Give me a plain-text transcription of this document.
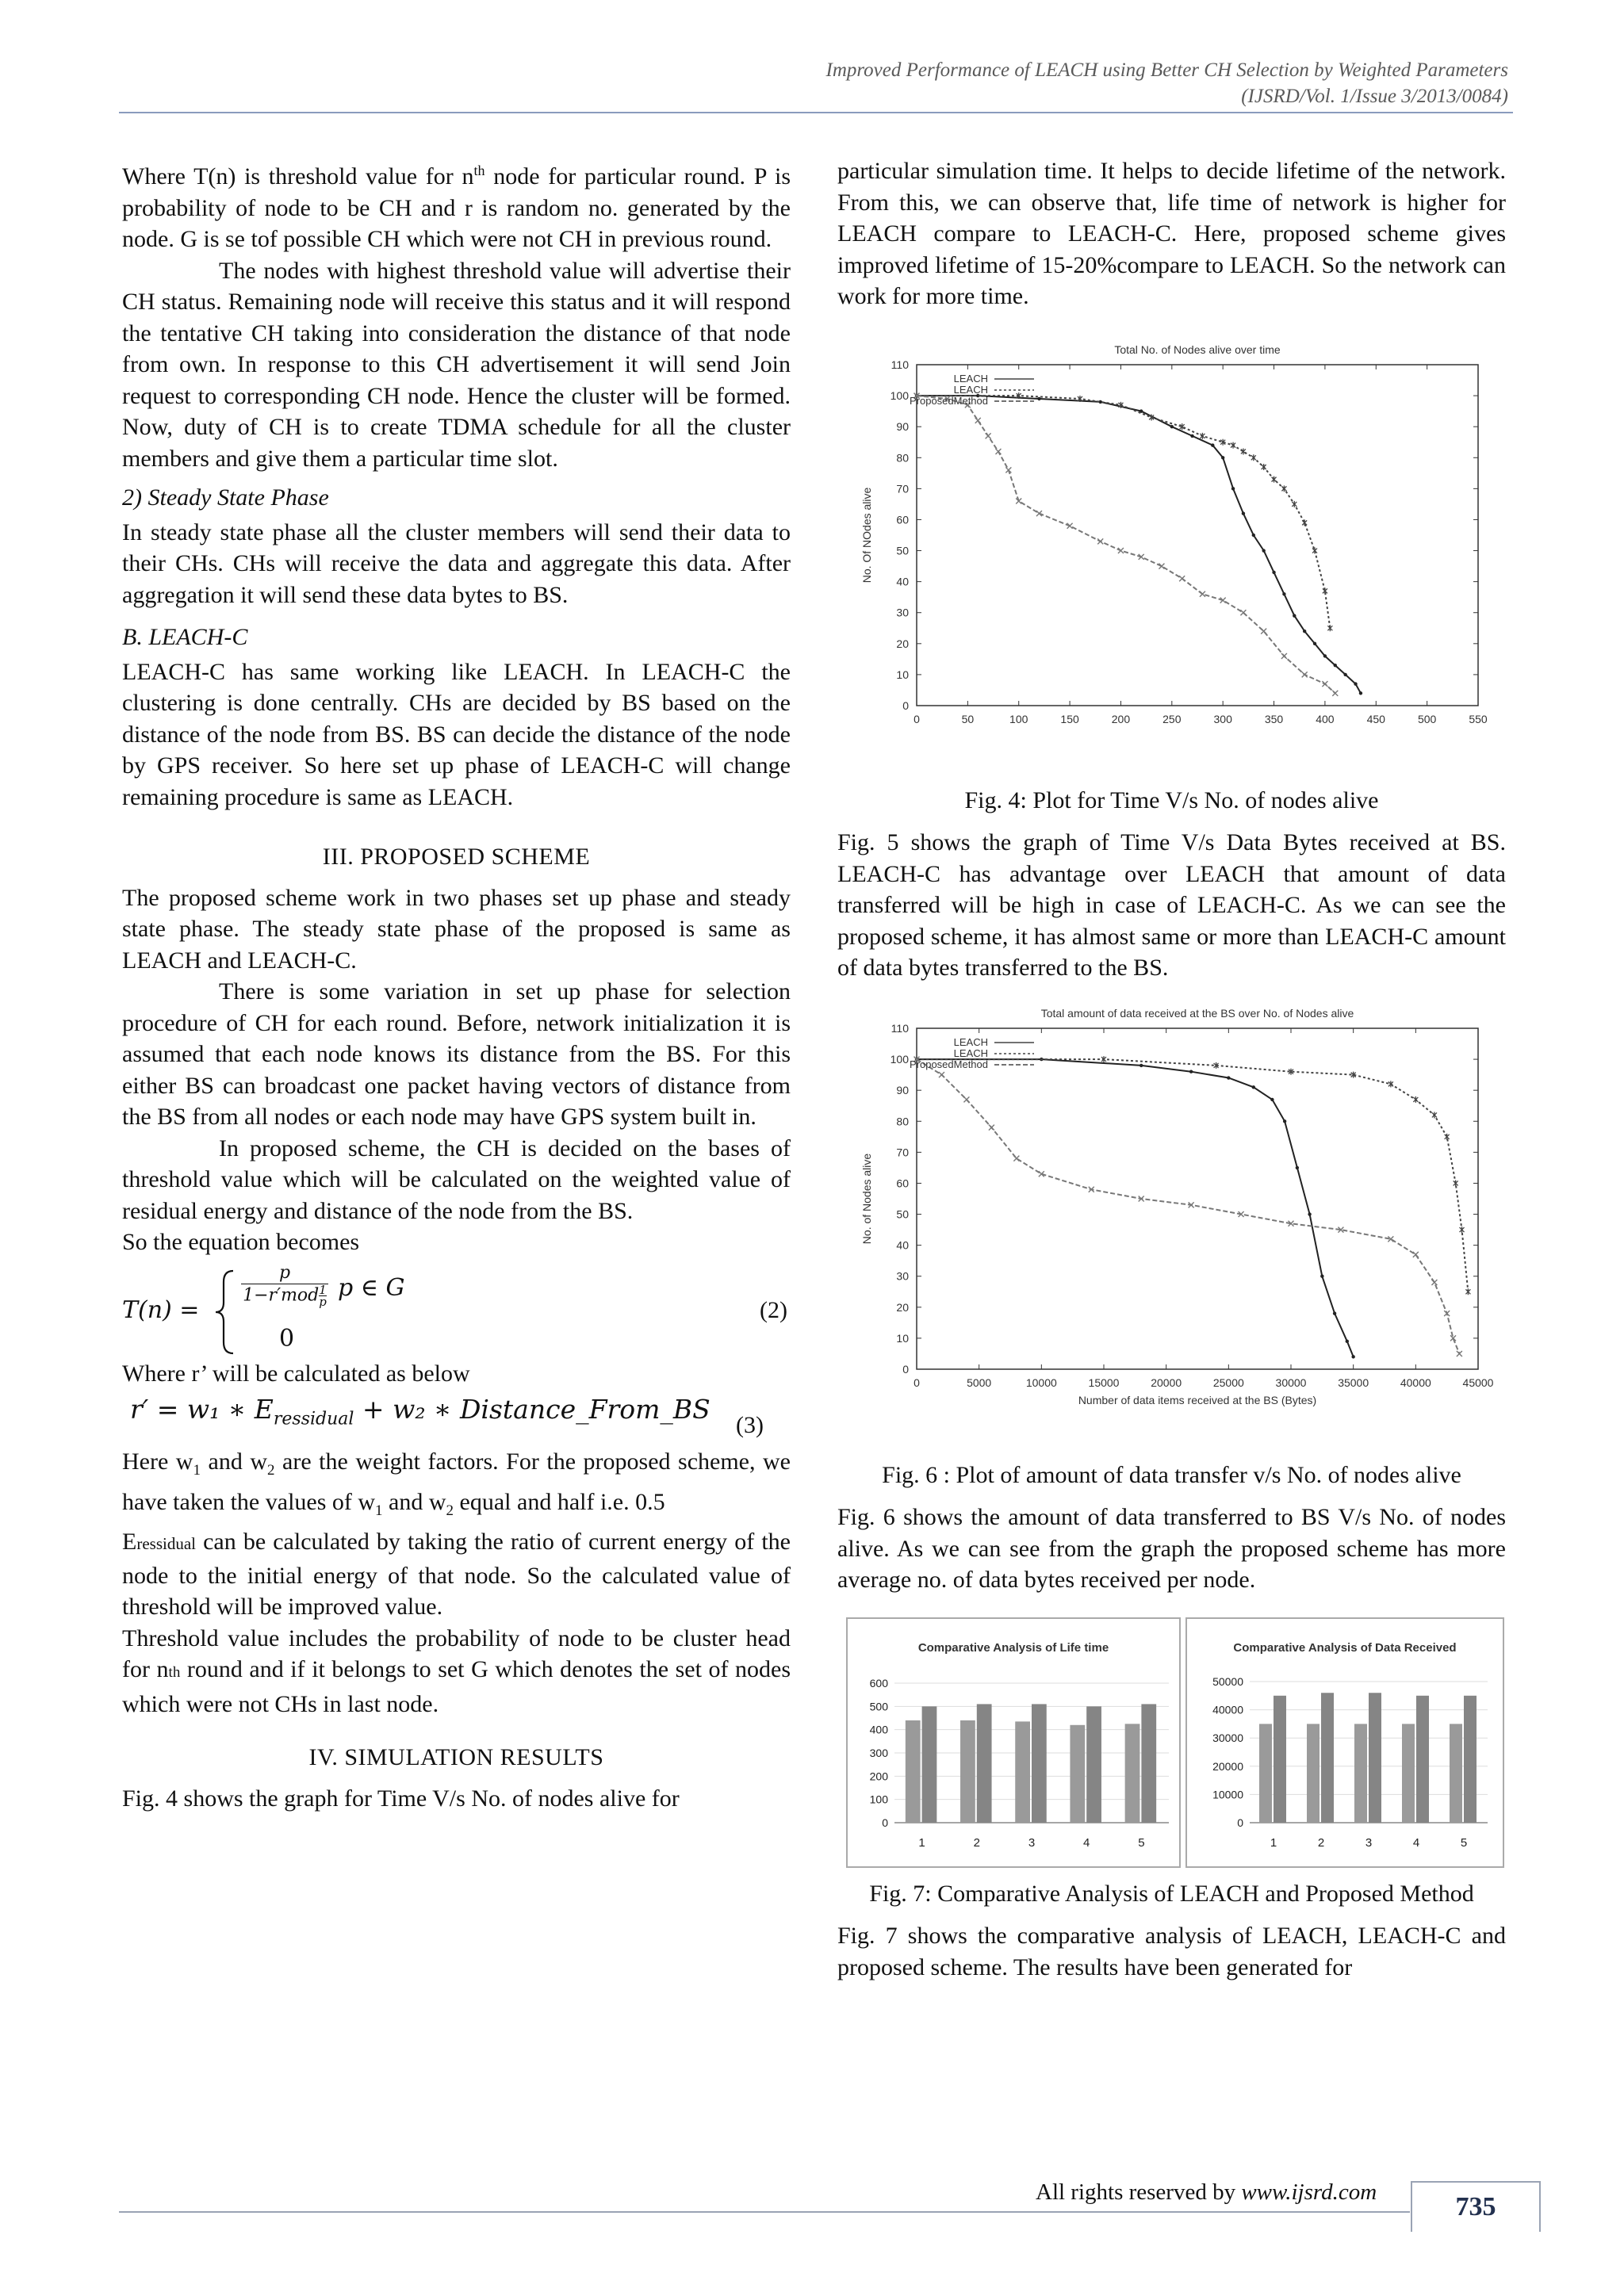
Improved Performance of LEACH using Better CH Selection by Weighted Parameters
(IJSRD/Vol. 1/Issue 3/2013/0084)

Where T(n) is threshold value for $n^{th}$ node for particular round. P is probability of node to be CH and r is random no. generated by the node. G is se tof possible CH which were not CH in previous round.

The nodes with highest threshold value will advertise their CH status. Remaining node will receive this status and it will respond the tentative CH taking into consideration the distance of that node from own. In response to this CH advertisement it will send Join request to corresponding CH node. Hence the cluster will be formed. Now, duty of CH is to create TDMA schedule for all the cluster members and give them a particular time slot.

2) Steady State Phase

In steady state phase all the cluster members will send their data to their CHs. CHs will receive the data and aggregate this data. After aggregation it will send these data bytes to BS.

B. LEACH-C

LEACH-C has same working like LEACH. In LEACH-C the clustering is done centrally. CHs are decided by BS based on the distance of the node from BS. BS can decide the distance of the node by GPS receiver. So here set up phase of LEACH-C will change remaining procedure is same as LEACH.

III. PROPOSED SCHEME

The proposed scheme work in two phases set up phase and steady state phase. The steady state phase of the proposed is same as LEACH and LEACH-C.

There is some variation in set up phase for selection procedure of CH for each round. Before, network initialization it is assumed that each node knows its distance from the BS. For this either BS can broadcast one packet having vectors of distance from the BS from all nodes or each node may have GPS system built in.

In proposed scheme, the CH is decided on the bases of threshold value which will be calculated on the weighted value of residual energy and distance of the node from the BS.

So the equation becomes

T(n) =
p
$1-r'mod \frac{1}{p}$ p ∈ G
0
(2)

Where r’ will be calculated as below

r′ = w₁ ∗ $E_{ressidual} + w_2$ ∗ Distance_From_BS
(3)

Here $w_1$ and $w_2$ are the weight factors. For the proposed scheme, we have taken the values of $w_1$ and $w_2$ equal and half i.e. 0.5

Eressidual can be calculated by taking the ratio of current energy of the node to the initial energy of that node. So the calculated value of threshold will be improved value.

Threshold value includes the probability of node to be cluster head for nth round and if it belongs to set G which denotes the set of nodes which were not CHs in last node.

IV. SIMULATION RESULTS

Fig. 4 shows the graph for Time V/s No. of nodes alive for

particular simulation time. It helps to decide lifetime of the network. From this, we can observe that, life time of network is higher for LEACH compare to LEACH-C. Here, proposed scheme gives improved lifetime of 15-20%compare to LEACH. So the network can work for more time.

Total No. of Nodes alive over time
0
10
20
30
40
50
60
70
80
90
100
110
0	50	100	150	200	250	300	350	400	450	500	550
No. Of NOdes alive
LEACH
LEACH
ProposedMethod
Fig. 4: Plot for Time V/s No. of nodes alive

Fig. 5 shows the graph of Time V/s Data Bytes received at BS. LEACH-C has advantage over LEACH that amount of data transferred will be high in case of LEACH-C. As we can see the proposed scheme, it has almost same or more than LEACH-C amount of data bytes transferred to the BS.

Total amount of data received at the BS over No. of Nodes alive
0
10
20
30
40
50
60
70
80
90
100
110
0	5000	10000	15000	20000	25000	30000	35000	40000	45000
No. of Nodes alive
Number of data items received at the BS (Bytes)
LEACH
LEACH
ProposedMethod
Fig. 6 : Plot of amount of data transfer v/s No. of nodes alive

Fig. 6 shows the amount of data transferred to BS V/s No. of nodes alive. As we can see from the graph the proposed scheme has more average no. of data bytes received per node.

Comparative Analysis of Life time
0
100
200
300
400
500
600
1	2	3	4	5
Comparative Analysis of Data Received
0
10000
20000
30000
40000
50000
1	2	3	4	5
Fig. 7: Comparative Analysis of LEACH and Proposed Method

Fig. 7 shows the comparative analysis of LEACH, LEACH-C and proposed scheme. The results have been generated for

All rights reserved by www.ijsrd.com	735
